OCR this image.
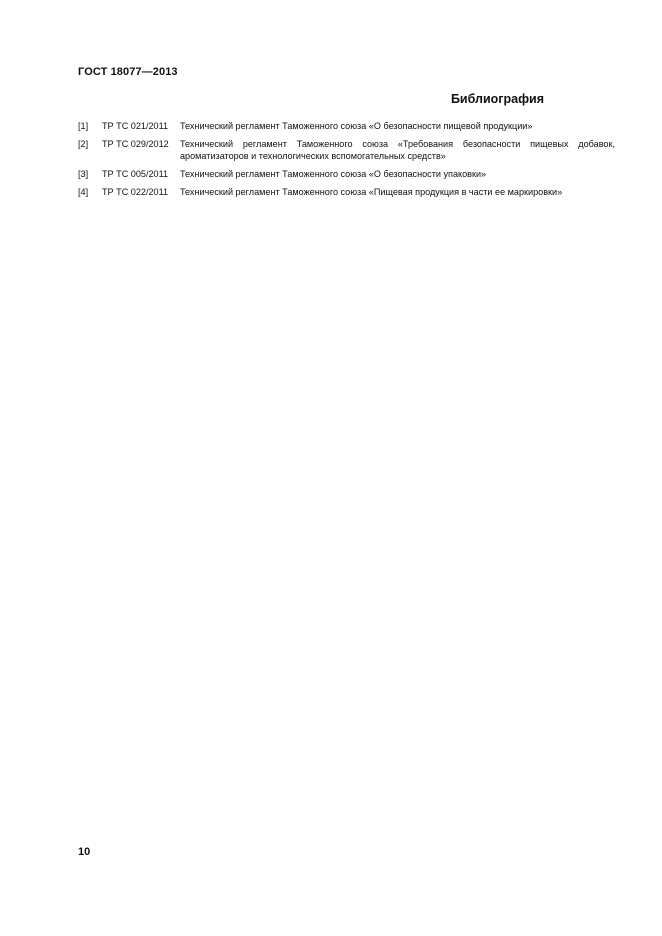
ГОСТ 18077—2013
Библиография
[1]	ТР ТС 021/2011	Технический регламент Таможенного союза «О безопасности пищевой продукции»
[2]	ТР ТС 029/2012	Технический регламент Таможенного союза «Требования безопасности пищевых добавок, ароматизаторов и технологических вспомогательных средств»
[3]	ТР ТС 005/2011	Технический регламент Таможенного союза «О безопасности упаковки»
[4]	ТР ТС 022/2011	Технический регламент Таможенного союза «Пищевая продукция в части ее маркировки»
10
